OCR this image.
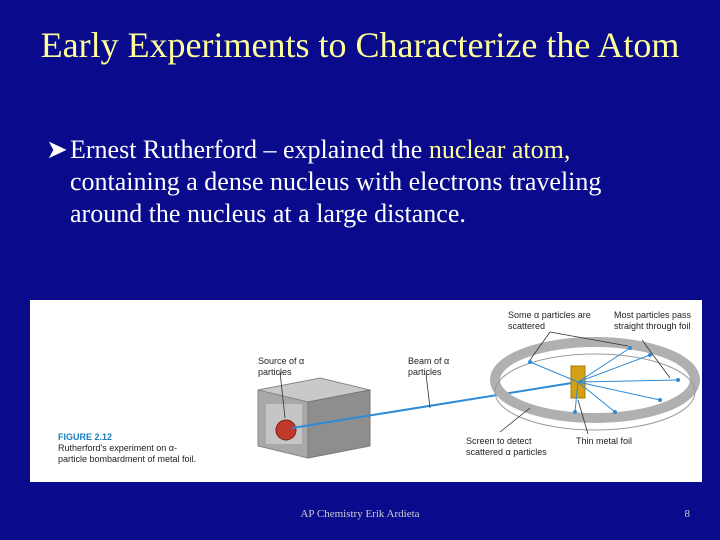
Early Experiments to Characterize the Atom
➤ Ernest Rutherford – explained the nuclear atom, containing a dense nucleus with electrons traveling around the nucleus at a large distance.
Source of α particles
Beam of α particles
Some α particles are scattered
Most particles pass straight through foil
Screen to detect scattered α particles
Thin metal foil
FIGURE 2.12
Rutherford's experiment on α-particle bombardment of metal foil.
AP Chemistry Erik Ardieta	8
